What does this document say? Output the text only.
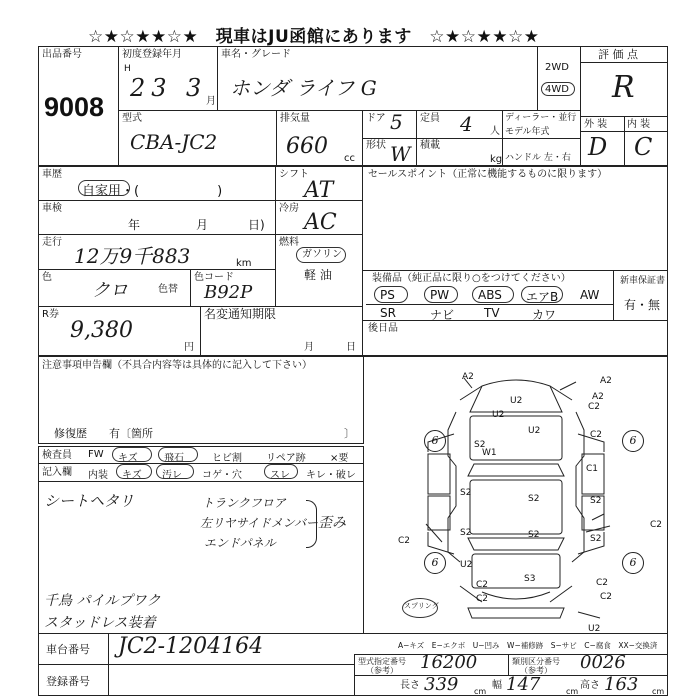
☆★☆★★☆★　現車はJU函館にあります　☆★☆★★☆★
出品番号
9008
初度登録年月
H
23 3 月
車名・グレード
ホンダ ライフ G
2WD
4WD
評 価 点
R
外 装 内 装
D C
型式
CBA-JC2
排気量
660 cc
ドア 5 定員 4 人
ディーラー・並行
モデル年式
形状 W 積載
kg ハンドル 左・右
車歴
自家用・(　　　　　　)
シフト
AT
セールスポイント（正常に機能するものに限ります）
車検
年	月	日)
冷房
AC
走行
12万9千883	km
燃料
ガソリン
軽 油
色
クロ	色替
色コード
B92P
装備品（純正品に限り○をつけてください）	新車保証書
有・無
PS	PW ABS エアB AW
SR	ナビ TV	カワ
R券
9,380
円
名変通知期限
月	日
後日品
注意事項申告欄（不具合内容等は具体的に記入して下さい）
修復歴　　有〔箇所	〕
検査員
記入欄
FW キズ	飛石	ヒビ割 リペア跡 ×要
内装 キズ 汚レ コゲ・穴	スレ キレ・破レ
シートヘタリ	トランクフロア
左リヤサイドメンバー
エンドパネル
歪み
千鳥 パイルプワク
スタッドレス装着
6	6
6	6
A2	A2
A2
U2
U2
U2	C2
C1
S2
S2	S2
S2	S2	S2
S2
C2
C2
U2
S3
W1
C2
C2
C2
C2
C2
U2
スプリング
A−キズ　E−エクボ　U−凹み　W−補修跡　S−サビ　C−腐食　XX−交換済
車台番号 JC2-1204164
登録番号
型式指定番号
（参考） 16200	類別区分番号
（参考） 0026
長さ 339 cm
幅 147	cm
高さ 163 cm
